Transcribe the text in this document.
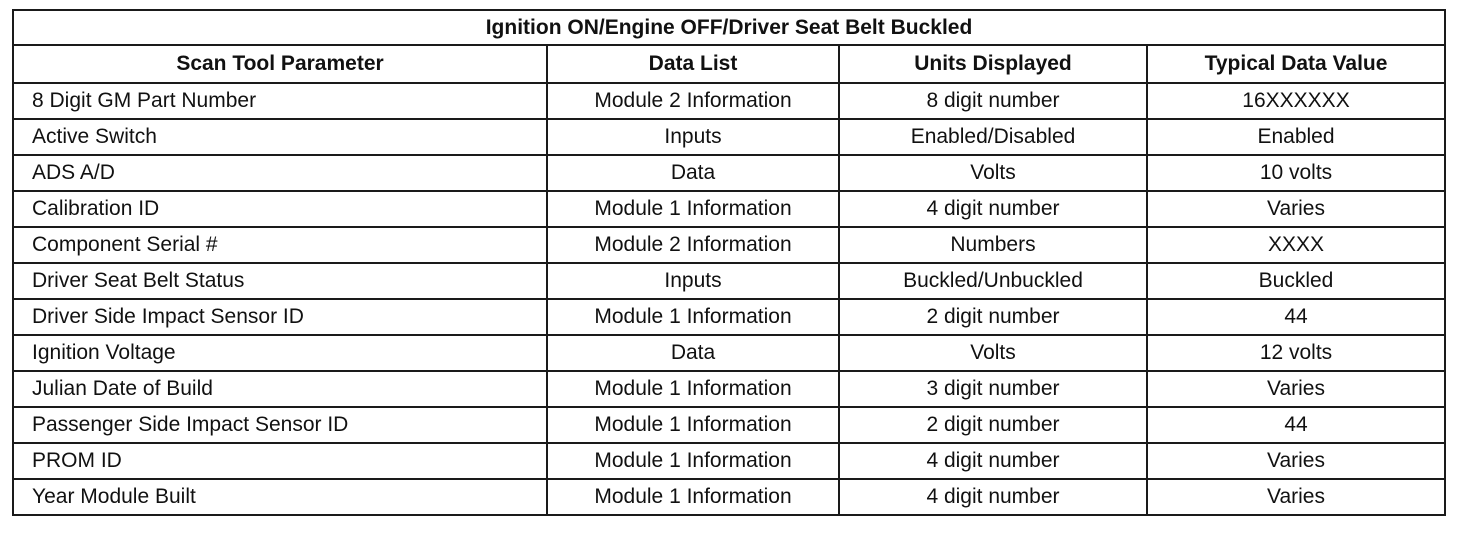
Ignition ON/Engine OFF/Driver Seat Belt Buckled			
Scan Tool Parameter	Data List	Units Displayed	Typical Data Value
8 Digit GM Part Number	Module 2 Information	8 digit number	16XXXXXX
Active Switch	Inputs	Enabled/Disabled	Enabled
ADS A/D	Data	Volts	10 volts
Calibration ID	Module 1 Information	4 digit number	Varies
Component Serial #	Module 2 Information	Numbers	XXXX
Driver Seat Belt Status	Inputs	Buckled/Unbuckled	Buckled
Driver Side Impact Sensor ID	Module 1 Information	2 digit number	44
Ignition Voltage	Data	Volts	12 volts
Julian Date of Build	Module 1 Information	3 digit number	Varies
Passenger Side Impact Sensor ID	Module 1 Information	2 digit number	44
PROM ID	Module 1 Information	4 digit number	Varies
Year Module Built	Module 1 Information	4 digit number	Varies
